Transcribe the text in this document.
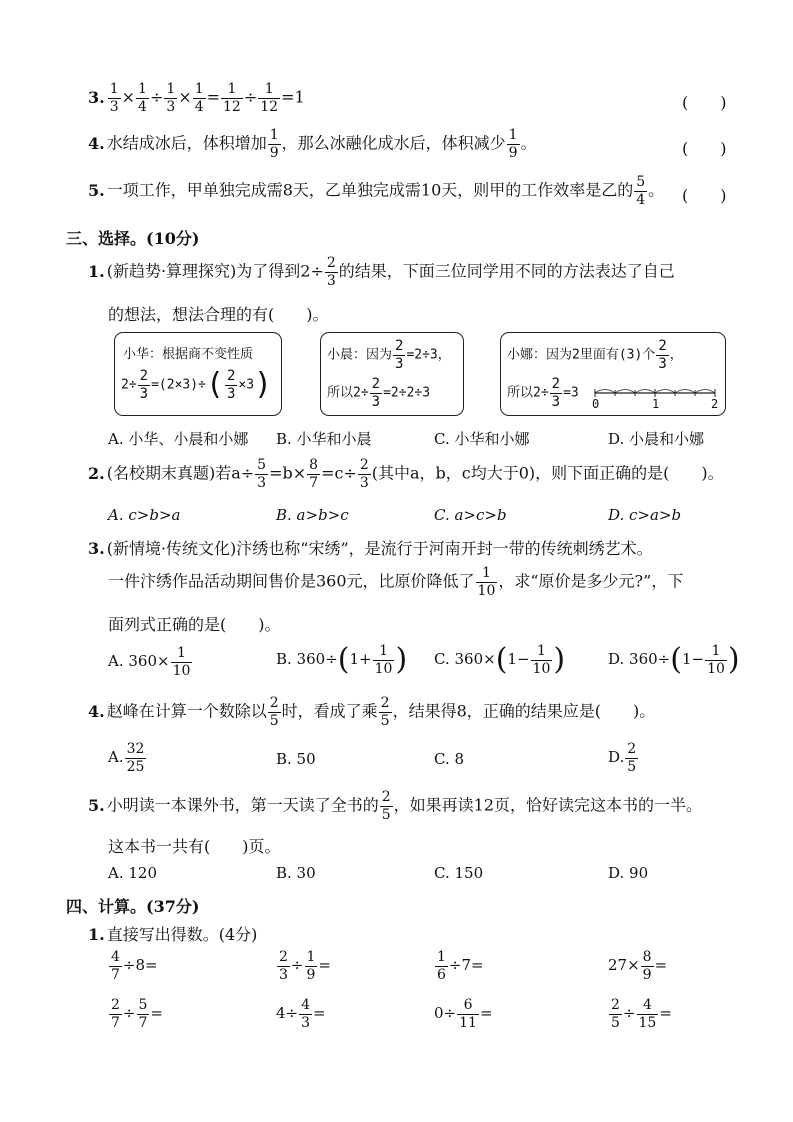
3. $\frac{1}{3} \times \frac{1}{4} \div \frac{1}{3} \times \frac{1}{4} = \frac{1}{12} \div \frac{1}{12} =1$	(　　)
4. 水结成冰后，体积增加 $\frac{1}{9}$ ，那么冰融化成水后，体积减少 $\frac{1}{9}$ 。	(　　)
5. 一项工作，甲单独完成需8天，乙单独完成需10天，则甲的工作效率是乙的 $\frac{5}{4}$ 。 (　　)
三、选择。(10分)
1. (新趋势·算理探究)为了得到$2\div \frac{2}{3}$ 的结果，下面三位同学用不同的方法表达了自己
的想法，想法合理的有(　　)。
小华：根据商不变性质
$2\div \frac{2}{3} =(2\times 3)\div( \frac{2}{3} \times 3)$
小晨：因为 $\frac{2}{3} =2\div 3$，
所以$2\div \frac{2}{3} =2\div 2\div 3$
小娜：因为2里面有(3)个 $\frac{2}{3}$ ，
所以$2\div \frac{2}{3} =3$
0	1	2
A. 小华、小晨和小娜 B. 小华和小晨	C. 小华和小娜	D. 小晨和小娜
2. (名校期末真题)若$a\div \frac{5}{3} =b\times \frac{8}{7} =c\div \frac{2}{3}$ (其中a，b，c均大于0)，则下面正确的是(　　)。
A. c>b>a	B. a>b>c	C. a>c>b	D. c>a>b
3. (新情境·传统文化)汴绣也称“宋绣”，是流行于河南开封一带的传统刺绣艺术。
一件汴绣作品活动期间售价是360元，比原价降低了 $\frac{1}{10}$ ，求“原价是多少元?”，下
面列式正确的是(　　)。
A. $360\times \frac{1}{10}$	B. $360\div(1+ \frac{1}{10}$ ) C. $360\times(1- \frac{1}{10}$ )	D. $360\div(1- \frac{1}{10}$ )
4. 赵峰在计算一个数除以 $\frac{2}{5}$ 时，看成了乘 $\frac{2}{5}$ ，结果得8，正确的结果应是(　　)。
A. $\frac{32}{25}$	B. 50	C. 8	D. $\frac{2}{5}$
5. 小明读一本课外书，第一天读了全书的 $\frac{2}{5}$ ，如果再读12页，恰好读完这本书的一半。
这本书一共有(　　)页。
A. 120	B. 30	C. 150	D. 90
四、计算。(37分)
1. 直接写出得数。(4分)
$\frac{4}{7} \div 8=$	$\frac{2}{3} \div \frac{1}{9}$ =	$\frac{1}{6} \div 7=$	$27\times \frac{8}{9}$ =
$\frac{2}{7} \div \frac{5}{7}$ =	$4\div \frac{4}{3}$ =	$0\div \frac{6}{11}$ =	$\frac{2}{5} \div \frac{4}{15}$ =
